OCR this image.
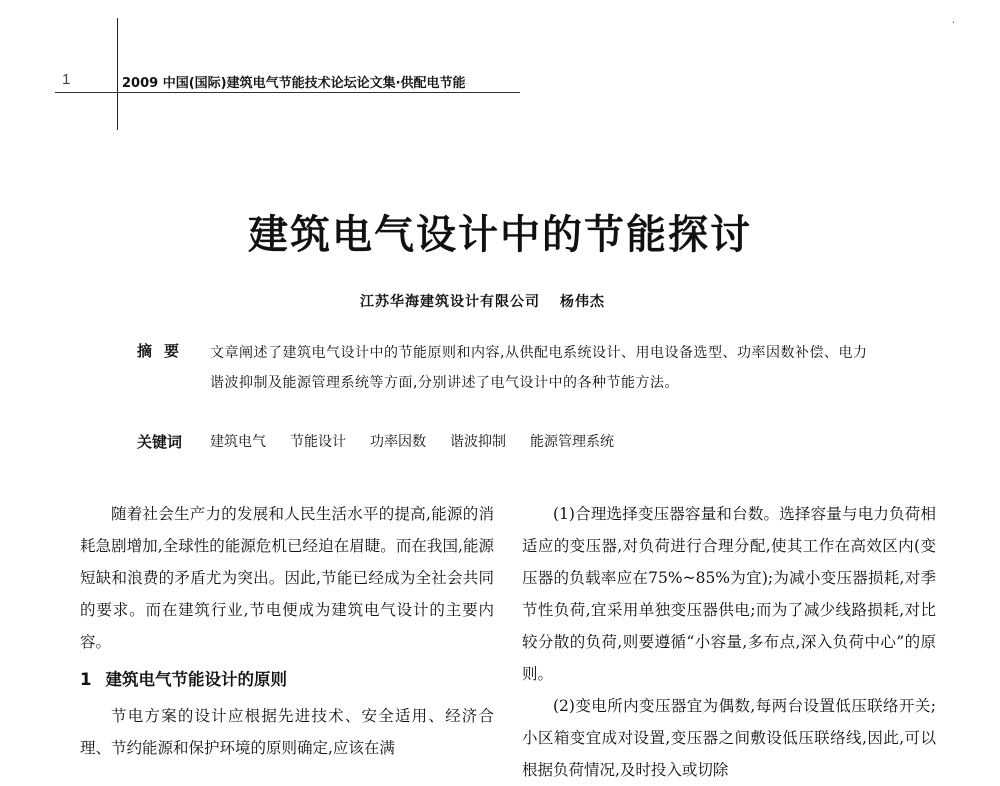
1	2009 中国(国际)建筑电气节能技术论坛论文集·供配电节能
·
建筑电气设计中的节能探讨
江苏华海建筑设计有限公司 杨伟杰
摘要 文章阐述了建筑电气设计中的节能原则和内容,从供配电系统设计、用电设备选型、功率因数补偿、电力谐波抑制及能源管理系统等方面,分别讲述了电气设计中的各种节能方法。
关键词 建筑电气 节能设计 功率因数 谐波抑制 能源管理系统

随着社会生产力的发展和人民生活水平的提高,能源的消耗急剧增加,全球性的能源危机已经迫在眉睫。而在我国,能源短缺和浪费的矛盾尤为突出。因此,节能已经成为全社会共同的要求。而在建筑行业,节电便成为建筑电气设计的主要内容。

1 建筑电气节能设计的原则

节电方案的设计应根据先进技术、安全适用、经济合理、节约能源和保护环境的原则确定,应该在满

(1)合理选择变压器容量和台数。选择容量与电力负荷相适应的变压器,对负荷进行合理分配,使其工作在高效区内(变压器的负载率应在75%~85%为宜);为减小变压器损耗,对季节性负荷,宜采用单独变压器供电;而为了减少线路损耗,对比较分散的负荷,则要遵循“小容量,多布点,深入负荷中心”的原则。

(2)变电所内变压器宜为偶数,每两台设置低压联络开关;小区箱变宜成对设置,变压器之间敷设低压联络线,因此,可以根据负荷情况,及时投入或切除
